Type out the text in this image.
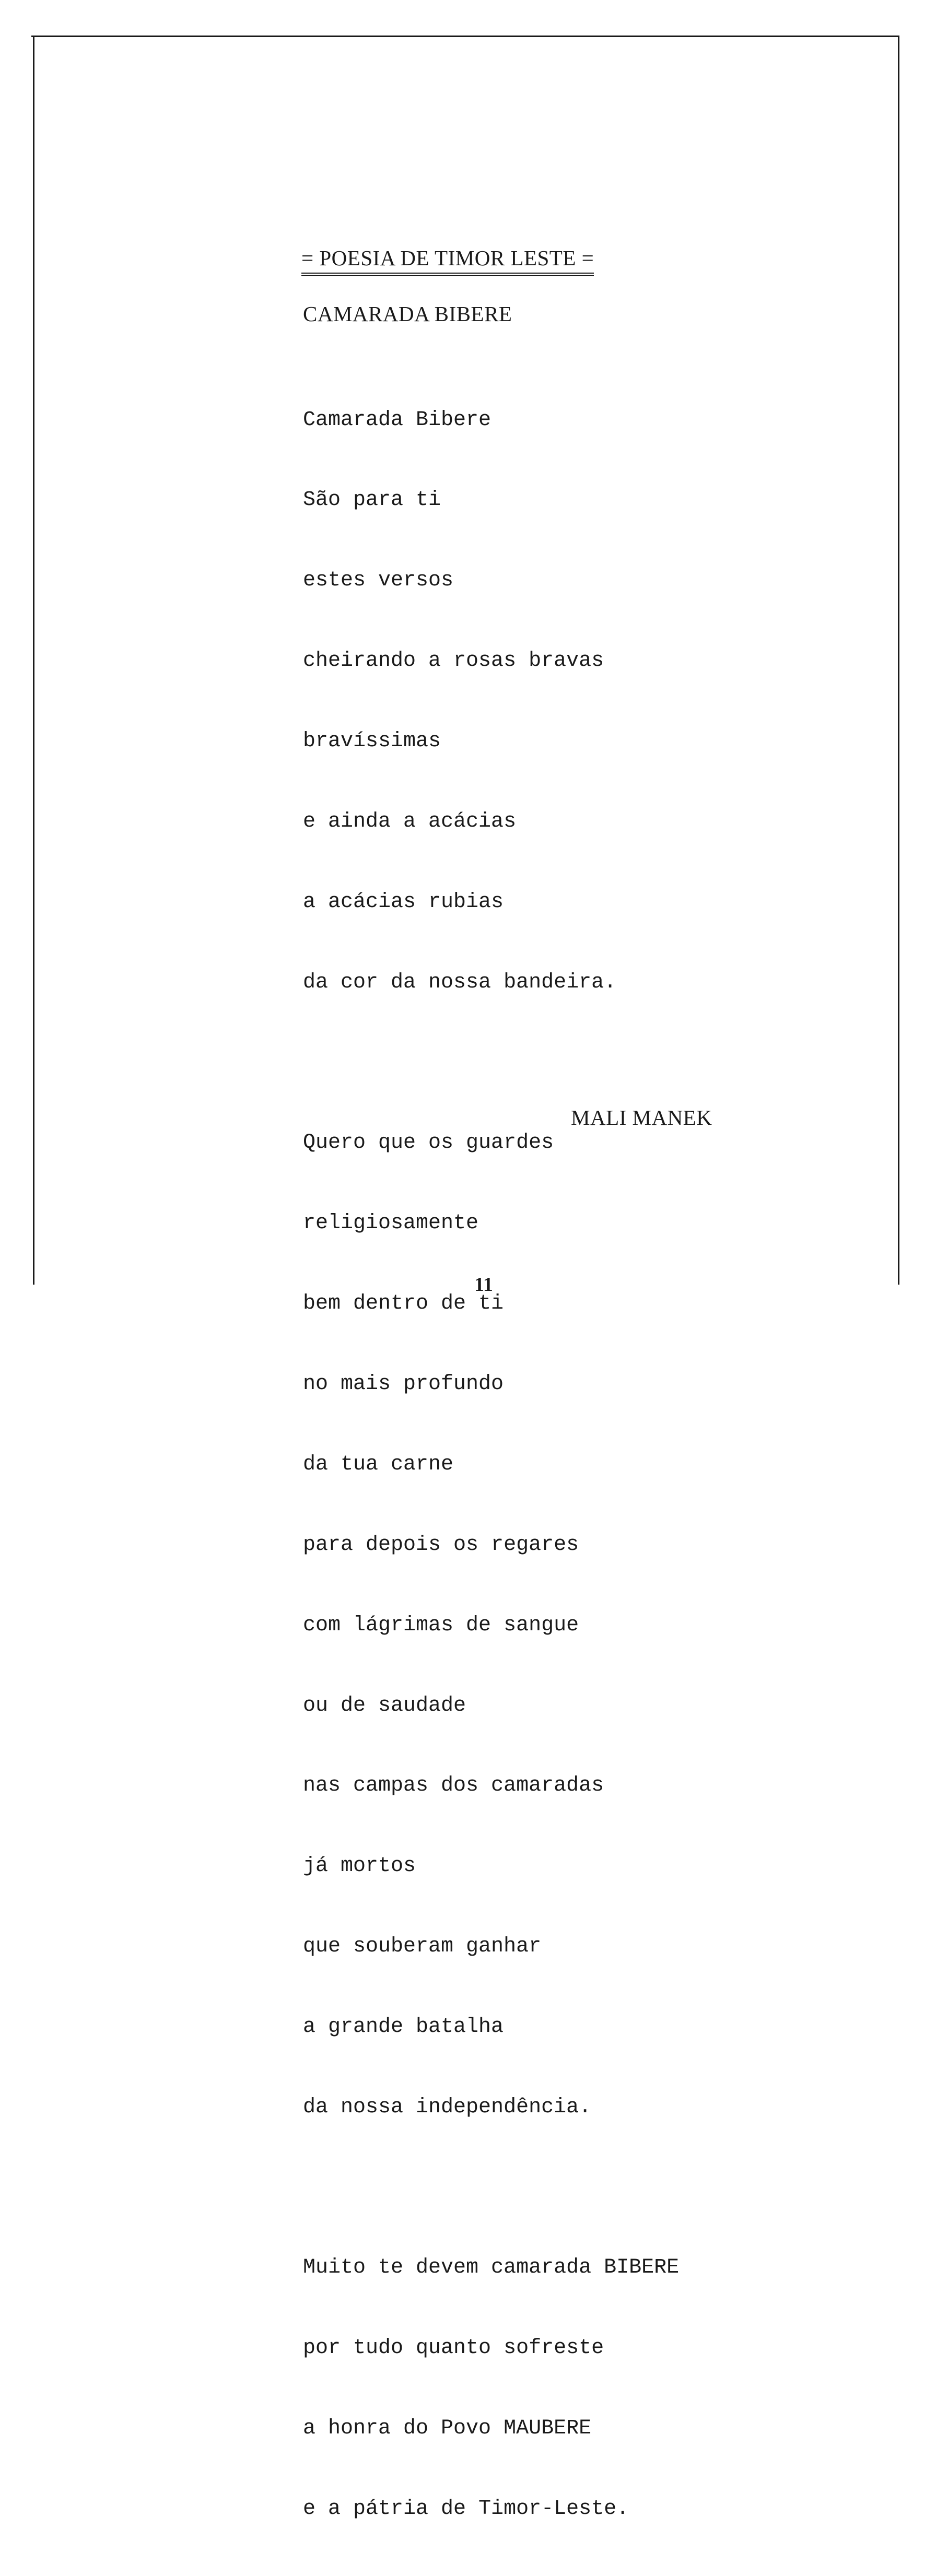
= POESIA DE TIMOR LESTE =
CAMARADA BIBERE

Camarada Bibere

São para ti

estes versos

cheirando a rosas bravas

bravíssimas

e ainda a acácias

a acácias rubias

da cor da nossa bandeira.

Quero que os guardes

religiosamente

bem dentro de ti

no mais profundo

da tua carne

para depois os regares

com lágrimas de sangue

ou de saudade

nas campas dos camaradas

já mortos

que souberam ganhar

a grande batalha

da nossa independência.

Muito te devem camarada BIBERE

por tudo quanto sofreste

a honra do Povo MAUBERE

e a pátria de Timor-Leste.

MALI MANEK
11
